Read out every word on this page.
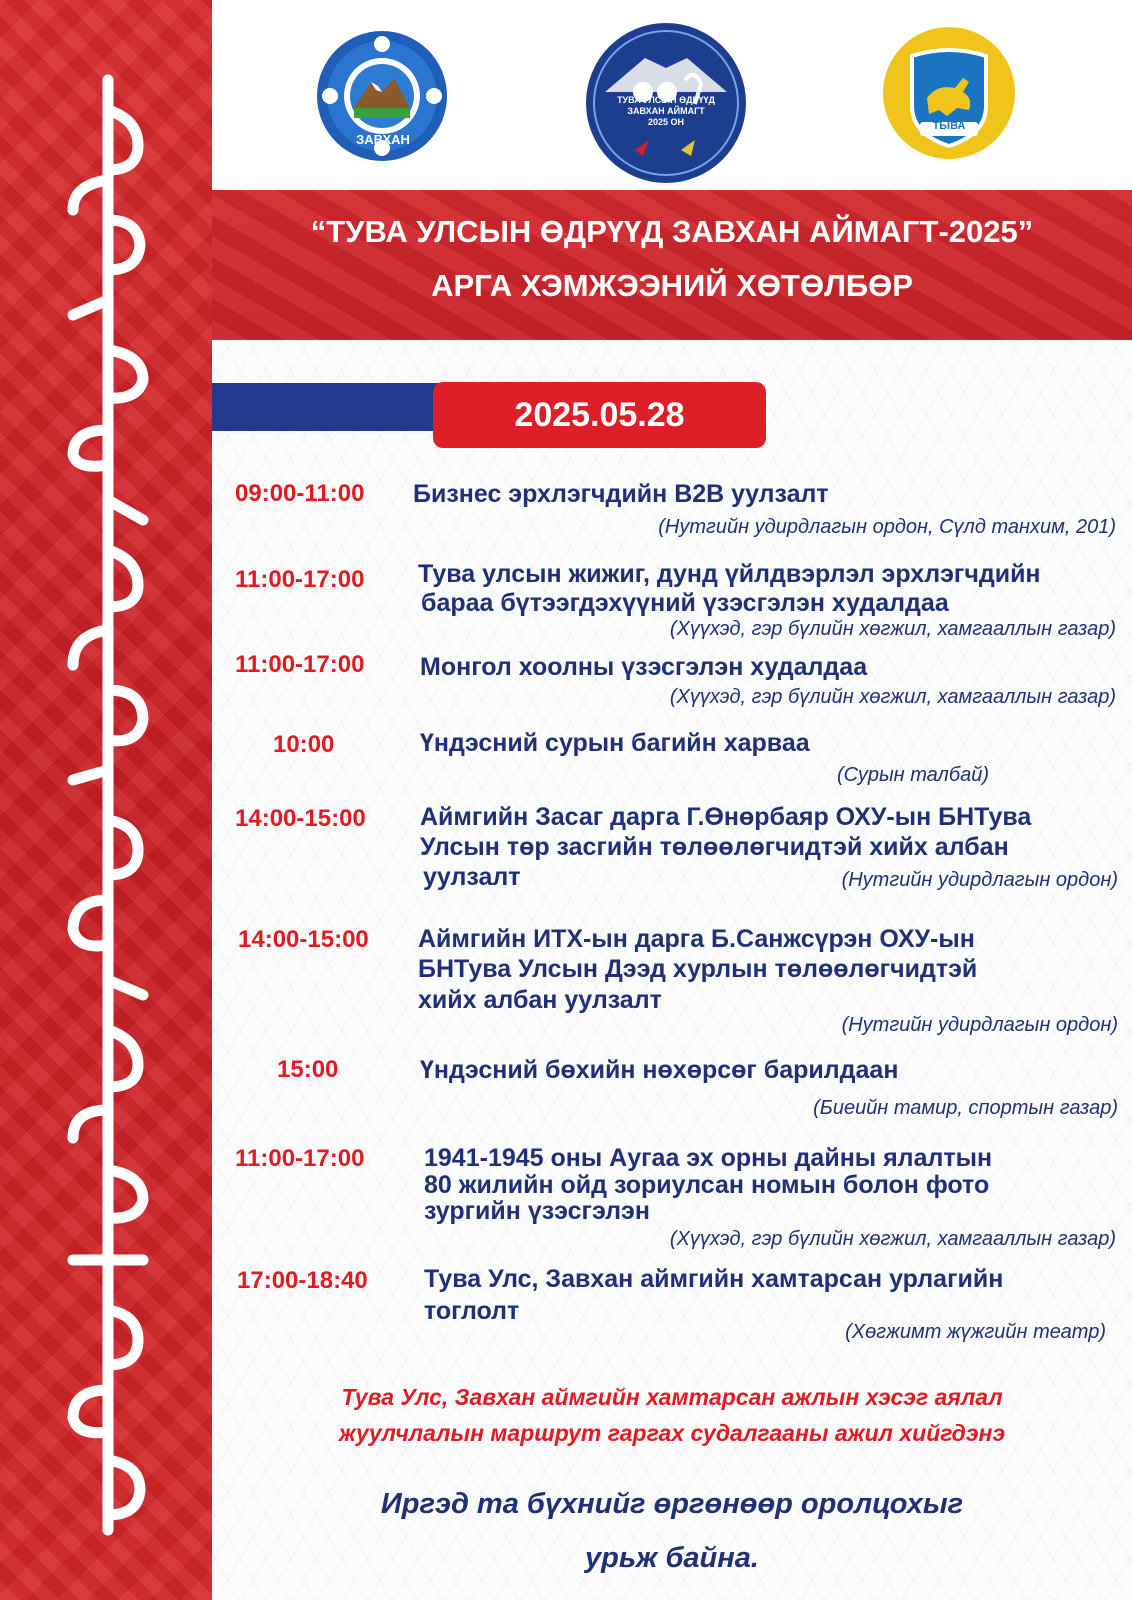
ЗАВХАН
ТУВА УЛСЫН ӨДРҮҮД
ЗАВХАН АЙМАГТ
2025 ОН	ТЫВА
“ТУВА УЛСЫН ӨДРҮҮД ЗАВХАН АЙМАГТ-2025”
АРГА ХЭМЖЭЭНИЙ ХӨТӨЛБӨР
2025.05.28
09:00-11:00 Бизнес эрхлэгчдийн B2B уулзалт
(Нутгийн удирдлагын ордон, Сүлд танхим, 201)
11:00-17:00 Тува улсын жижиг, дунд үйлдвэрлэл эрхлэгчдийн
бараа бүтээгдэхүүний үзэсгэлэн худалдаа
(Хүүхэд, гэр бүлийн хөгжил, хамгааллын газар)
11:00-17:00 Монгол хоолны үзэсгэлэн худалдаа
(Хүүхэд, гэр бүлийн хөгжил, хамгааллын газар)
10:00	Үндэсний сурын багийн харваа
(Сурын талбай)
14:00-15:00 Аймгийн Засаг дарга Г.Өнөрбаяр ОХУ-ын БНТува
Улсын төр засгийн төлөөлөгчидтэй хийх албан
уулзалт	(Нутгийн удирдлагын ордон)
14:00-15:00 Аймгийн ИТХ-ын дарга Б.Санжсүрэн ОХУ-ын
БНТува Улсын Дээд хурлын төлөөлөгчидтэй
хийх албан уулзалт
(Нутгийн удирдлагын ордон)
15:00	Үндэсний бөхийн нөхөрсөг барилдаан
(Биеийн тамир, спортын газар)
11:00-17:00 1941-1945 оны Аугаа эх орны дайны ялалтын
80 жилийн ойд зориулсан номын болон фото
зургийн үзэсгэлэн
(Хүүхэд, гэр бүлийн хөгжил, хамгааллын газар)
17:00-18:40 Тува Улс, Завхан аймгийн хамтарсан урлагийн
тоглолт
(Хөгжимт жүжгийн театр)
Тува Улс, Завхан аймгийн хамтарсан ажлын хэсэг аялал
жуулчлалын маршрут гаргах судалгааны ажил хийгдэнэ
Иргэд та бүхнийг өргөнөөр оролцохыг
урьж байна.
